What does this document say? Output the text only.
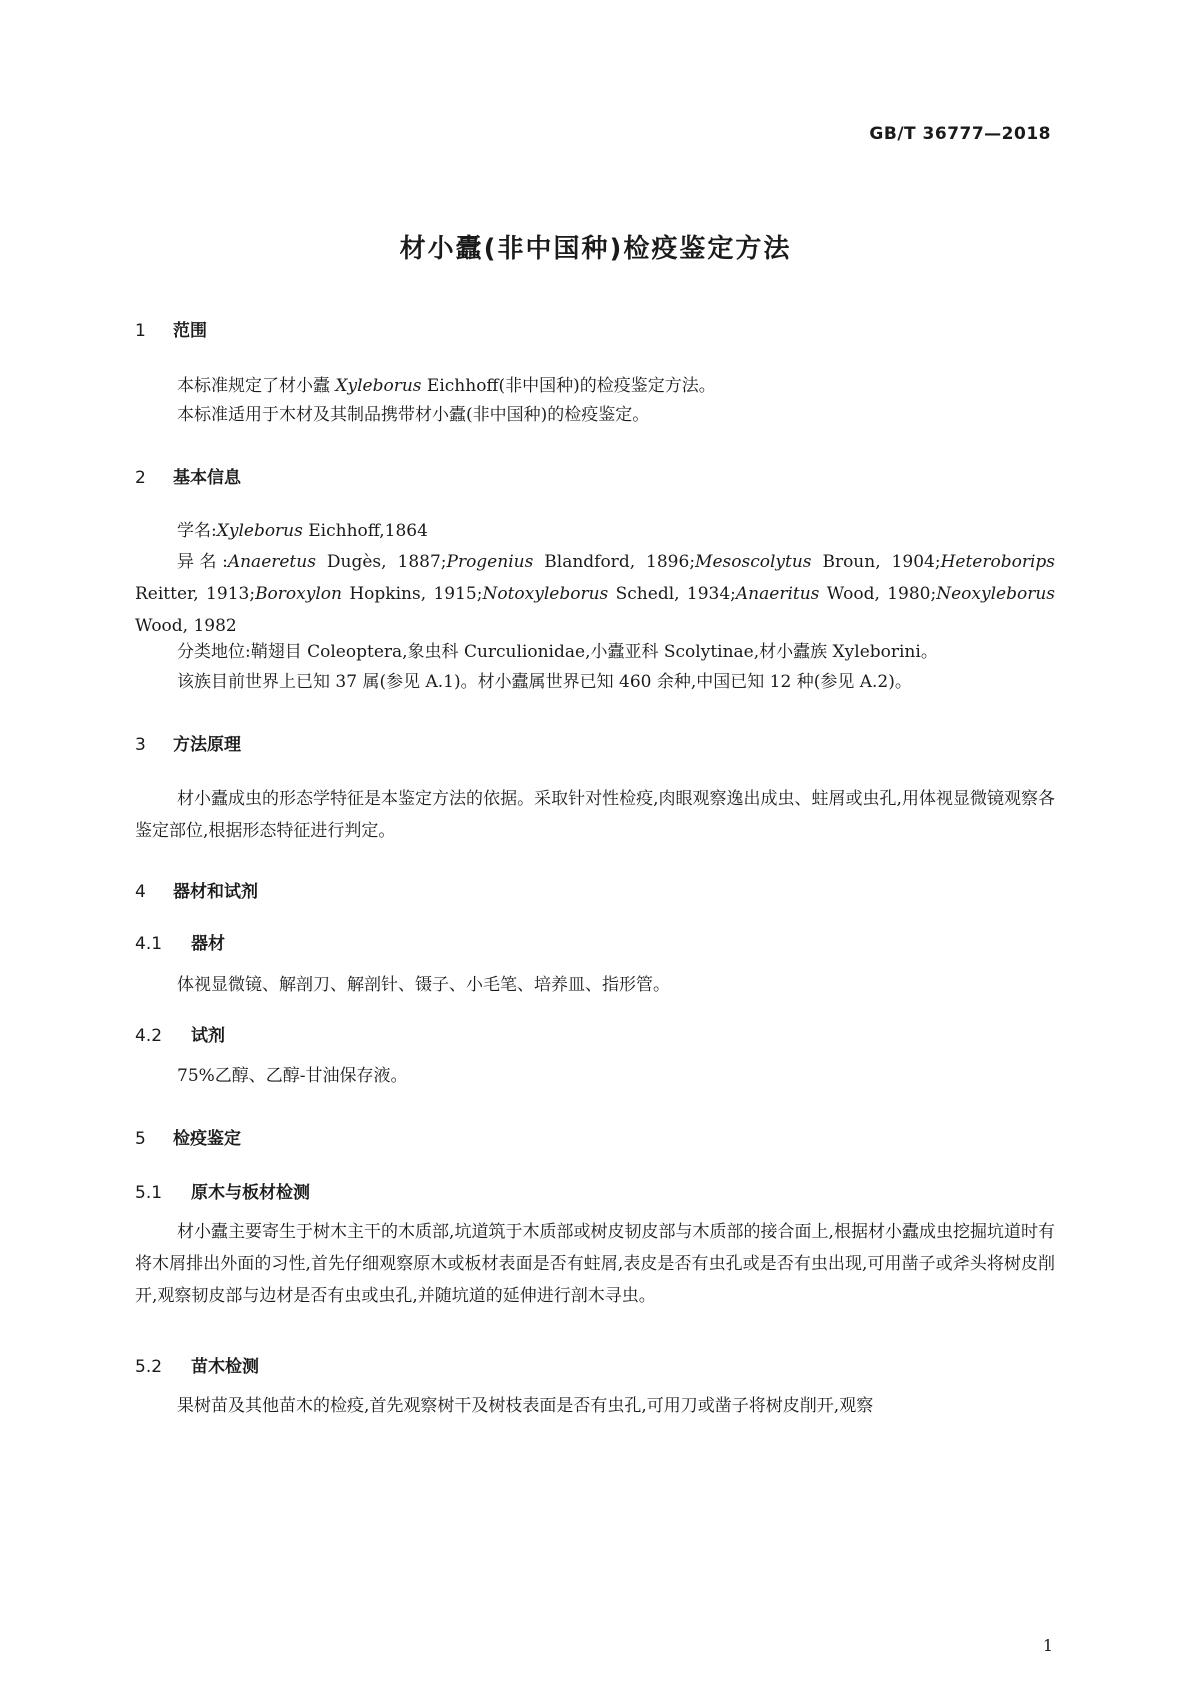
GB/T 36777—2018
材小蠹(非中国种)检疫鉴定方法
1 范围
本标准规定了材小蠹 Xyleborus Eichhoff(非中国种)的检疫鉴定方法。
本标准适用于木材及其制品携带材小蠹(非中国种)的检疫鉴定。
2 基本信息
学名:Xyleborus Eichhoff,1864
异名:Anaeretus Dugès, 1887;Progenius Blandford, 1896;Mesoscolytus Broun, 1904;Heteroborips Reitter, 1913;Boroxylon Hopkins, 1915;Notoxyleborus Schedl, 1934;Anaeritus Wood, 1980;Neoxyleborus Wood, 1982
分类地位:鞘翅目 Coleoptera,象虫科 Curculionidae,小蠹亚科 Scolytinae,材小蠹族 Xyleborini。
该族目前世界上已知 37 属(参见 A.1)。材小蠹属世界已知 460 余种,中国已知 12 种(参见 A.2)。
3 方法原理
材小蠹成虫的形态学特征是本鉴定方法的依据。采取针对性检疫,肉眼观察逸出成虫、蛀屑或虫孔,用体视显微镜观察各鉴定部位,根据形态特征进行判定。
4 器材和试剂
4.1 器材
体视显微镜、解剖刀、解剖针、镊子、小毛笔、培养皿、指形管。
4.2 试剂
75%乙醇、乙醇-甘油保存液。
5 检疫鉴定
5.1 原木与板材检测
材小蠹主要寄生于树木主干的木质部,坑道筑于木质部或树皮韧皮部与木质部的接合面上,根据材小蠹成虫挖掘坑道时有将木屑排出外面的习性,首先仔细观察原木或板材表面是否有蛀屑,表皮是否有虫孔或是否有虫出现,可用凿子或斧头将树皮削开,观察韧皮部与边材是否有虫或虫孔,并随坑道的延伸进行剖木寻虫。
5.2 苗木检测
果树苗及其他苗木的检疫,首先观察树干及树枝表面是否有虫孔,可用刀或凿子将树皮削开,观察
1
